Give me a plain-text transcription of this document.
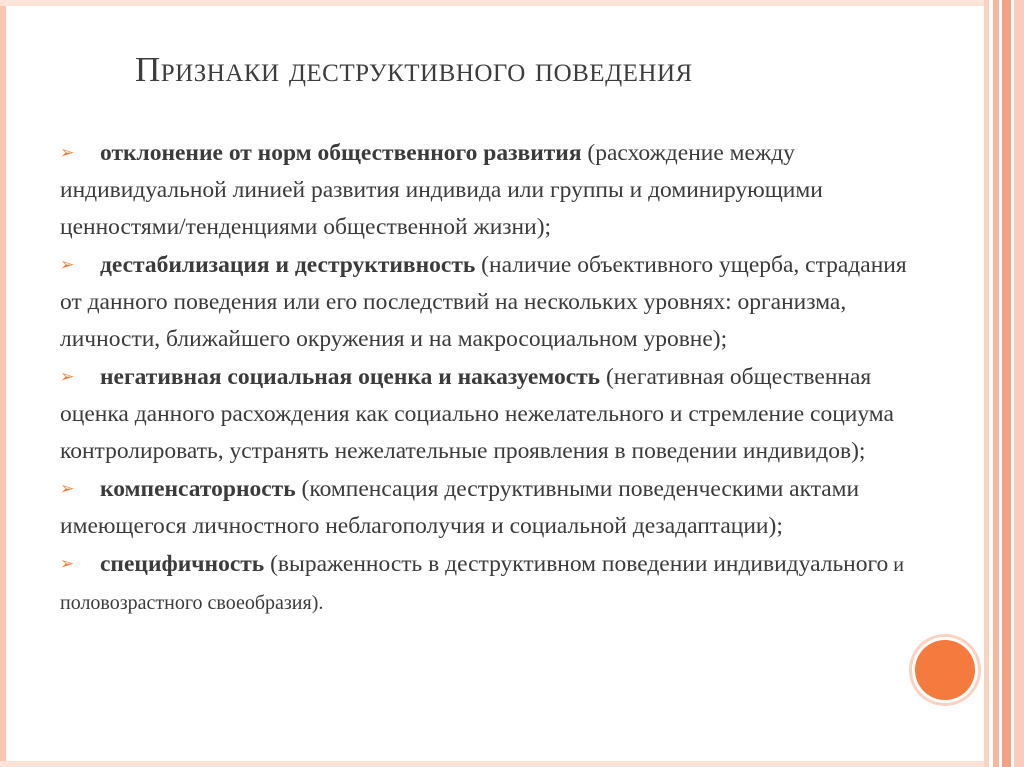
Признаки деструктивного поведения

➢ отклонение от норм общественного развития (расхождение между индивидуальной линией развития индивида или группы и доминирующими ценностями/тенденциями общественной жизни);

➢ дестабилизация и деструктивность (наличие объективного ущерба, страдания от данного поведения или его последствий на нескольких уровнях: организма, личности, ближайшего окружения и на макросоциальном уровне);

➢ негативная социальная оценка и наказуемость (негативная общественная оценка данного расхождения как социально нежелательного и стремление социума контролировать, устранять нежелательные проявления в поведении индивидов);

➢ компенсаторность (компенсация деструктивными поведенческими актами имеющегося личностного неблагополучия и социальной дезадаптации);

➢ специфичность (выраженность в деструктивном поведении индивидуального и половозрастного своеобразия).
